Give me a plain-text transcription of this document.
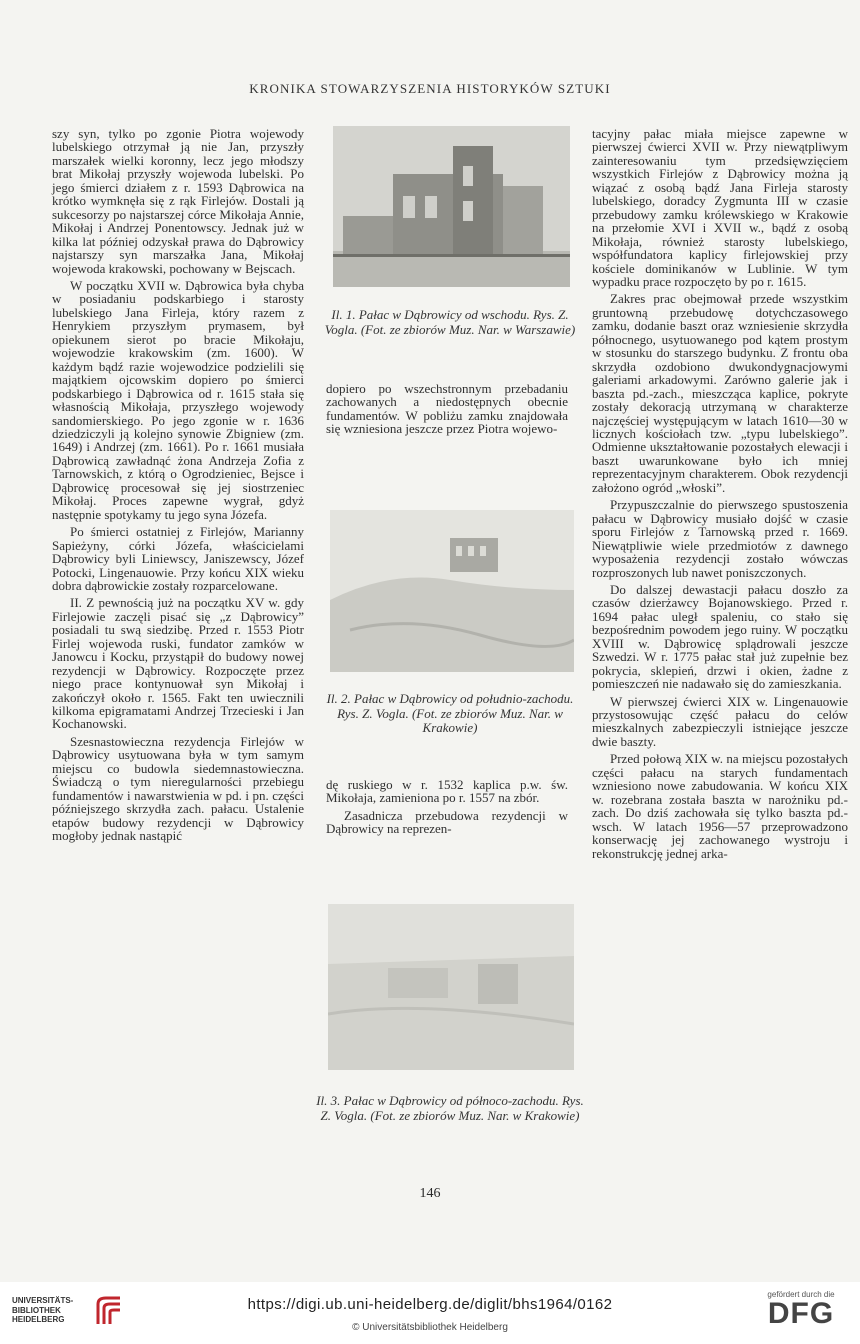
KRONIKA STOWARZYSZENIA HISTORYKÓW SZTUKI

szy syn, tylko po zgonie Piotra wojewody lubelskiego otrzymał ją nie Jan, przyszły marszałek wielki koronny, lecz jego młodszy brat Mikołaj przyszły wojewoda lubelski. Po jego śmierci działem z r. 1593 Dąbrowica na krótko wymknęła się z rąk Firlejów. Dostali ją sukcesorzy po najstarszej córce Mikołaja Annie, Mikołaj i Andrzej Ponentowscy. Jednak już w kilka lat później odzyskał prawa do Dąbrowicy najstarszy syn marszałka Jana, Mikołaj wojewoda krakowski, pochowany w Bejscach.

W początku XVII w. Dąbrowica była chyba w posiadaniu podskarbiego i starosty lubelskiego Jana Firleja, który razem z Henrykiem przyszłym prymasem, był opiekunem sierot po bracie Mikołaju, wojewodzie krakowskim (zm. 1600). W każdym bądź razie wojewodzice podzielili się majątkiem ojcowskim dopiero po śmierci podskarbiego i Dąbrowica od r. 1615 stała się własnością Mikołaja, przyszłego wojewody sandomierskiego. Po jego zgonie w r. 1636 dziedziczyli ją kolejno synowie Zbigniew (zm. 1649) i Andrzej (zm. 1661). Po r. 1661 musiała Dąbrowicą zawładnąć żona Andrzeja Zofia z Tarnowskich, z którą o Ogrodzieniec, Bejsce i Dąbrowicę procesował się jej siostrzeniec Mikołaj. Proces zapewne wygrał, gdyż następnie spotykamy tu jego syna Józefa.

Po śmierci ostatniej z Firlejów, Marianny Sapieżyny, córki Józefa, właścicielami Dąbrowicy byli Liniewscy, Janiszewscy, Józef Potocki, Lingenauowie. Przy końcu XIX wieku dobra dąbrowickie zostały rozparcelowane.

II. Z pewnością już na początku XV w. gdy Firlejowie zaczęli pisać się „z Dąbrowicy” posiadali tu swą siedzibę. Przed r. 1553 Piotr Firlej wojewoda ruski, fundator zamków w Janowcu i Kocku, przystąpił do budowy nowej rezydencji w Dąbrowicy. Rozpoczęte przez niego prace kontynuował syn Mikołaj i zakończył około r. 1565. Fakt ten uwiecznili kilkoma epigramatami Andrzej Trzecieski i Jan Kochanowski.

Szesnastowieczna rezydencja Firlejów w Dąbrowicy usytuowana była w tym samym miejscu co budowla siedemnastowieczna. Świadczą o tym nieregularności przebiegu fundamentów i nawarstwienia w pd. i pn. części późniejszego skrzydła zach. pałacu. Ustalenie etapów budowy rezydencji w Dąbrowicy mogłoby jednak nastąpić

Il. 1. Pałac w Dąbrowicy od wschodu. Rys. Z. Vogla. (Fot. ze zbiorów Muz. Nar. w Warszawie)

dopiero po wszechstronnym przebadaniu zachowanych a niedostępnych obecnie fundamentów. W pobliżu zamku znajdowała się wzniesiona jeszcze przez Piotra wojewo-

Il. 2. Pałac w Dąbrowicy od południo-zachodu. Rys. Z. Vogla. (Fot. ze zbiorów Muz. Nar. w Krakowie)

dę ruskiego w r. 1532 kaplica p.w. św. Mikołaja, zamieniona po r. 1557 na zbór.

Zasadnicza przebudowa rezydencji w Dąbrowicy na reprezen-

Il. 3. Pałac w Dąbrowicy od północo-zachodu. Rys. Z. Vogla. (Fot. ze zbiorów Muz. Nar. w Krakowie)

tacyjny pałac miała miejsce zapewne w pierwszej ćwierci XVII w. Przy niewątpliwym zainteresowaniu tym przedsięwzięciem wszystkich Firlejów z Dąbrowicy można ją wiązać z osobą bądź Jana Firleja starosty lubelskiego, doradcy Zygmunta III w czasie przebudowy zamku królewskiego w Krakowie na przełomie XVI i XVII w., bądź z osobą Mikołaja, również starosty lubelskiego, współfundatora kaplicy firlejowskiej przy kościele dominikanów w Lublinie. W tym wypadku prace rozpoczęto by po r. 1615.

Zakres prac obejmował przede wszystkim gruntowną przebudowę dotychczasowego zamku, dodanie baszt oraz wzniesienie skrzydła północnego, usytuowanego pod kątem prostym w stosunku do starszego budynku. Z frontu oba skrzydła ozdobiono dwukondygnacjowymi galeriami arkadowymi. Zarówno galerie jak i baszta pd.-zach., mieszcząca kaplice, pokryte zostały dekoracją utrzymaną w charakterze najczęściej występującym w latach 1610—30 w licznych kościołach tzw. „typu lubelskiego”. Odmienne ukształtowanie pozostałych elewacji i baszt uwarunkowane było ich mniej reprezentacyjnym charakterem. Obok rezydencji założono ogród „włoski”.

Przypuszczalnie do pierwszego spustoszenia pałacu w Dąbrowicy musiało dojść w czasie sporu Firlejów z Tarnowską przed r. 1669. Niewątpliwie wiele przedmiotów z dawnego wyposażenia rezydencji zostało wówczas rozproszonych lub nawet poniszczonych.

Do dalszej dewastacji pałacu doszło za czasów dzierżawcy Bojanowskiego. Przed r. 1694 pałac uległ spaleniu, co stało się bezpośrednim powodem jego ruiny. W początku XVIII w. Dąbrowicę splądrowali jeszcze Szwedzi. W r. 1775 pałac stał już zupełnie bez pokrycia, sklepień, drzwi i okien, żadne z pomieszczeń nie nadawało się do zamieszkania.

W pierwszej ćwierci XIX w. Lingenauowie przystosowując część pałacu do celów mieszkalnych zabezpieczyli istniejące jeszcze dwie baszty.

Przed połową XIX w. na miejscu pozostałych części pałacu na starych fundamentach wzniesiono nowe zabudowania. W końcu XIX w. rozebrana została baszta w narożniku pd.-zach. Do dziś zachowała się tylko baszta pd.-wsch. W latach 1956—57 przeprowadzono konserwację jej zachowanego wystroju i rekonstrukcję jednej arka-

146
UNIVERSITÄTS-
BIBLIOTHEK
HEIDELBERG
https://digi.ub.uni-heidelberg.de/diglit/bhs1964/0162
© Universitätsbibliothek Heidelberg
gefördert durch die
DFG
